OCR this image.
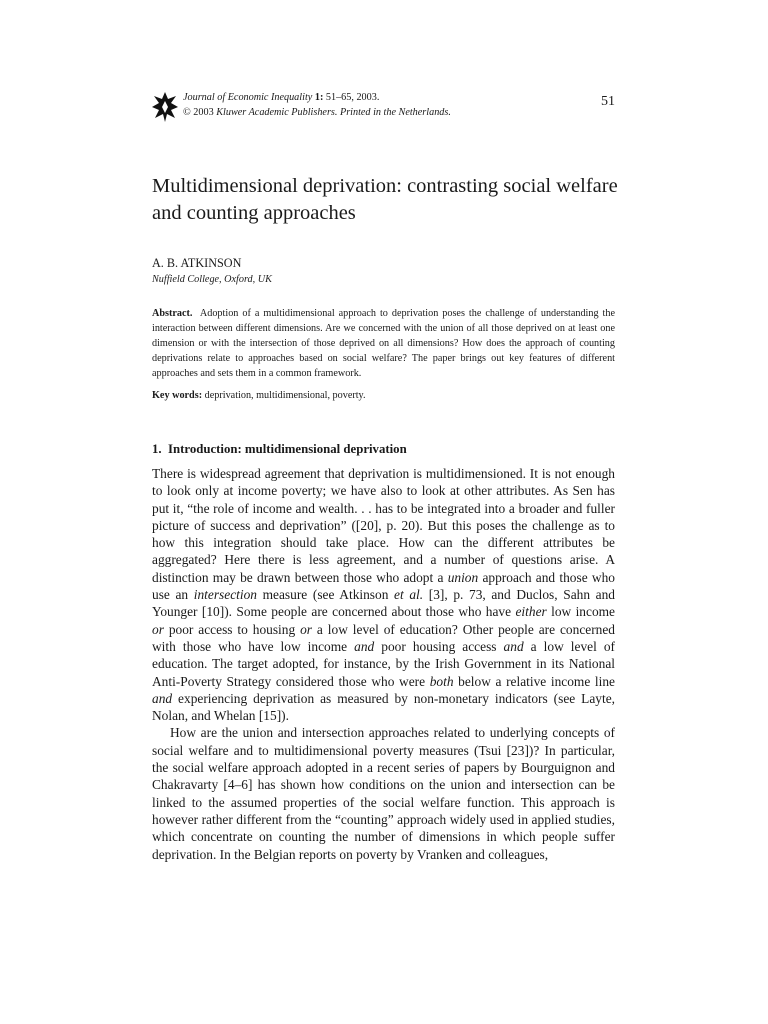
Journal of Economic Inequality 1: 51–65, 2003.
© 2003 Kluwer Academic Publishers. Printed in the Netherlands.
51
Multidimensional deprivation: contrasting social welfare and counting approaches
A. B. ATKINSON
Nuffield College, Oxford, UK

Abstract. Adoption of a multidimensional approach to deprivation poses the challenge of understanding the interaction between different dimensions. Are we concerned with the union of all those deprived on at least one dimension or with the intersection of those deprived on all dimensions? How does the approach of counting deprivations relate to approaches based on social welfare? The paper brings out key features of different approaches and sets them in a common framework.

Key words: deprivation, multidimensional, poverty.
1. Introduction: multidimensional deprivation

There is widespread agreement that deprivation is multidimensioned. It is not enough to look only at income poverty; we have also to look at other attributes. As Sen has put it, “the role of income and wealth. . . has to be integrated into a broader and fuller picture of success and deprivation” ([20], p. 20). But this poses the challenge as to how this integration should take place. How can the different attributes be aggregated? Here there is less agreement, and a number of questions arise. A distinction may be drawn between those who adopt a union approach and those who use an intersection measure (see Atkinson et al. [3], p. 73, and Duclos, Sahn and Younger [10]). Some people are concerned about those who have either low income or poor access to housing or a low level of education? Other people are concerned with those who have low income and poor housing access and a low level of education. The target adopted, for instance, by the Irish Government in its National Anti-Poverty Strategy considered those who were both below a relative income line and experiencing deprivation as measured by non-monetary indicators (see Layte, Nolan, and Whelan [15]).

How are the union and intersection approaches related to underlying concepts of social welfare and to multidimensional poverty measures (Tsui [23])? In particular, the social welfare approach adopted in a recent series of papers by Bourguignon and Chakravarty [4–6] has shown how conditions on the union and intersection can be linked to the assumed properties of the social welfare function. This approach is however rather different from the “counting” approach widely used in applied studies, which concentrate on counting the number of dimensions in which people suffer deprivation. In the Belgian reports on poverty by Vranken and colleagues,
